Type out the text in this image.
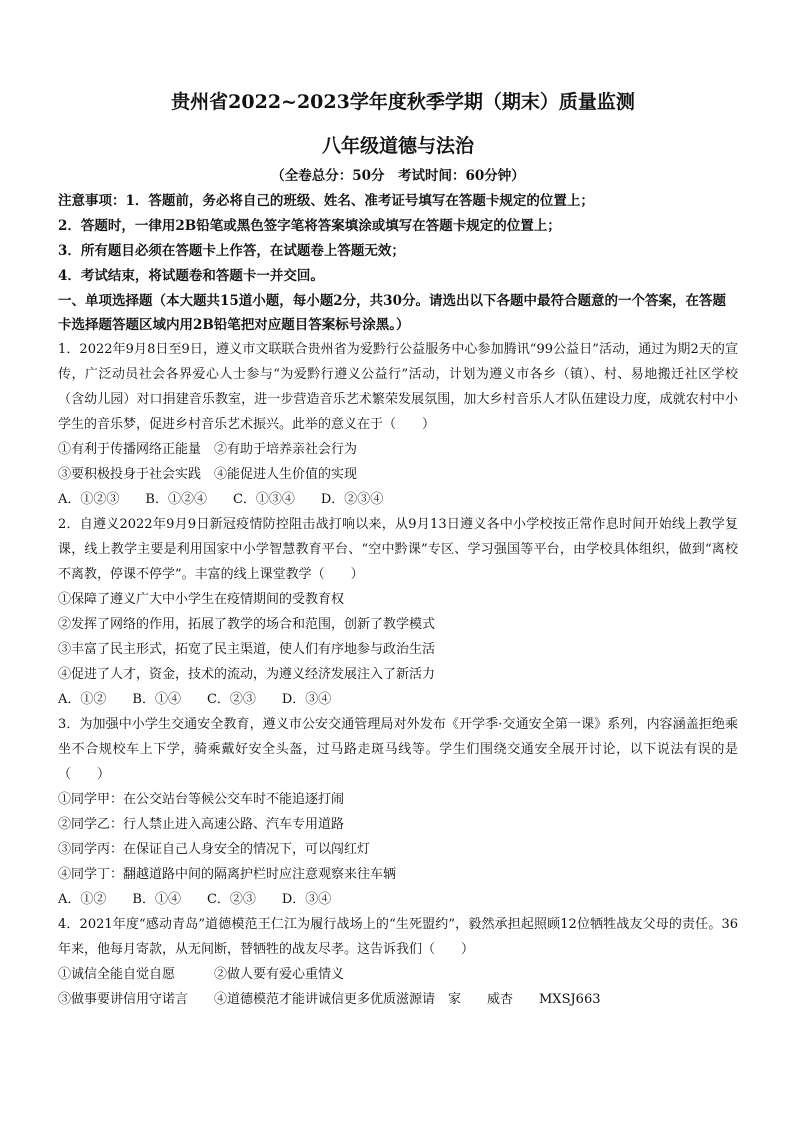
贵州省2022~2023学年度秋季学期（期末）质量监测
八年级道德与法治
（全卷总分：50分　考试时间：60分钟）
注意事项：1．答题前，务必将自己的班级、姓名、准考证号填写在答题卡规定的位置上；
2．答题时，一律用2B铅笔或黑色签字笔将答案填涂或填写在答题卡规定的位置上；
3．所有题目必须在答题卡上作答，在试题卷上答题无效；
4．考试结束，将试题卷和答题卡一并交回。
一、单项选择题（本大题共15道小题，每小题2分，共30分。请选出以下各题中最符合题意的一个答案，在答题卡选择题答题区域内用2B铅笔把对应题目答案标号涂黑。）
1．2022年9月8日至9日，遵义市文联联合贵州省为爱黔行公益服务中心参加腾讯“99公益日”活动，通过为期2天的宣传，广泛动员社会各界爱心人士参与“为爱黔行遵义公益行”活动，计划为遵义市各乡（镇）、村、易地搬迁社区学校（含幼儿园）对口捐建音乐教室，进一步营造音乐艺术繁荣发展氛围，加大乡村音乐人才队伍建设力度，成就农村中小学生的音乐梦，促进乡村音乐艺术振兴。此举的意义在于（　　）
①有利于传播网络正能量　②有助于培养亲社会行为
③要积极投身于社会实践　④能促进人生价值的实现
A．①②③　　B．①②④　　C．①③④　　D．②③④
2．自遵义2022年9月9日新冠疫情防控阻击战打响以来，从9月13日遵义各中小学校按正常作息时间开始线上教学复课，线上教学主要是利用国家中小学智慧教育平台、“空中黔课”专区、学习强国等平台，由学校具体组织，做到“离校不离教，停课不停学”。丰富的线上课堂教学（　　）
①保障了遵义广大中小学生在疫情期间的受教育权
②发挥了网络的作用，拓展了教学的场合和范围，创新了教学模式
③丰富了民主形式，拓宽了民主渠道，使人们有序地参与政治生活
④促进了人才，资金，技术的流动，为遵义经济发展注入了新活力
A．①②　　B．①④　　C．②③　　D．③④
3．为加强中小学生交通安全教育，遵义市公安交通管理局对外发布《开学季·交通安全第一课》系列，内容涵盖拒绝乘坐不合规校车上下学，骑乘戴好安全头盔，过马路走斑马线等。学生们围绕交通安全展开讨论，以下说法有误的是（　　）
①同学甲：在公交站台等候公交车时不能追逐打闹
②同学乙：行人禁止进入高速公路、汽车专用道路
③同学丙：在保证自己人身安全的情况下，可以闯红灯
④同学丁：翻越道路中间的隔离护栏时应注意观察来往车辆
A．①②　　B．①④　　C．②③　　D．③④
4．2021年度“感动青岛”道德模范王仁江为履行战场上的“生死盟约”，毅然承担起照顾12位牺牲战友父母的责任。36年来，他每月寄款，从无间断，替牺牲的战友尽孝。这告诉我们（　　）
①诚信全能自觉自愿　　　②做人要有爱心重情义
③做事要讲信用守诺言　　④道德模范才能讲诚信更多优质滋源请　家　　威杏　　MXSJ663
